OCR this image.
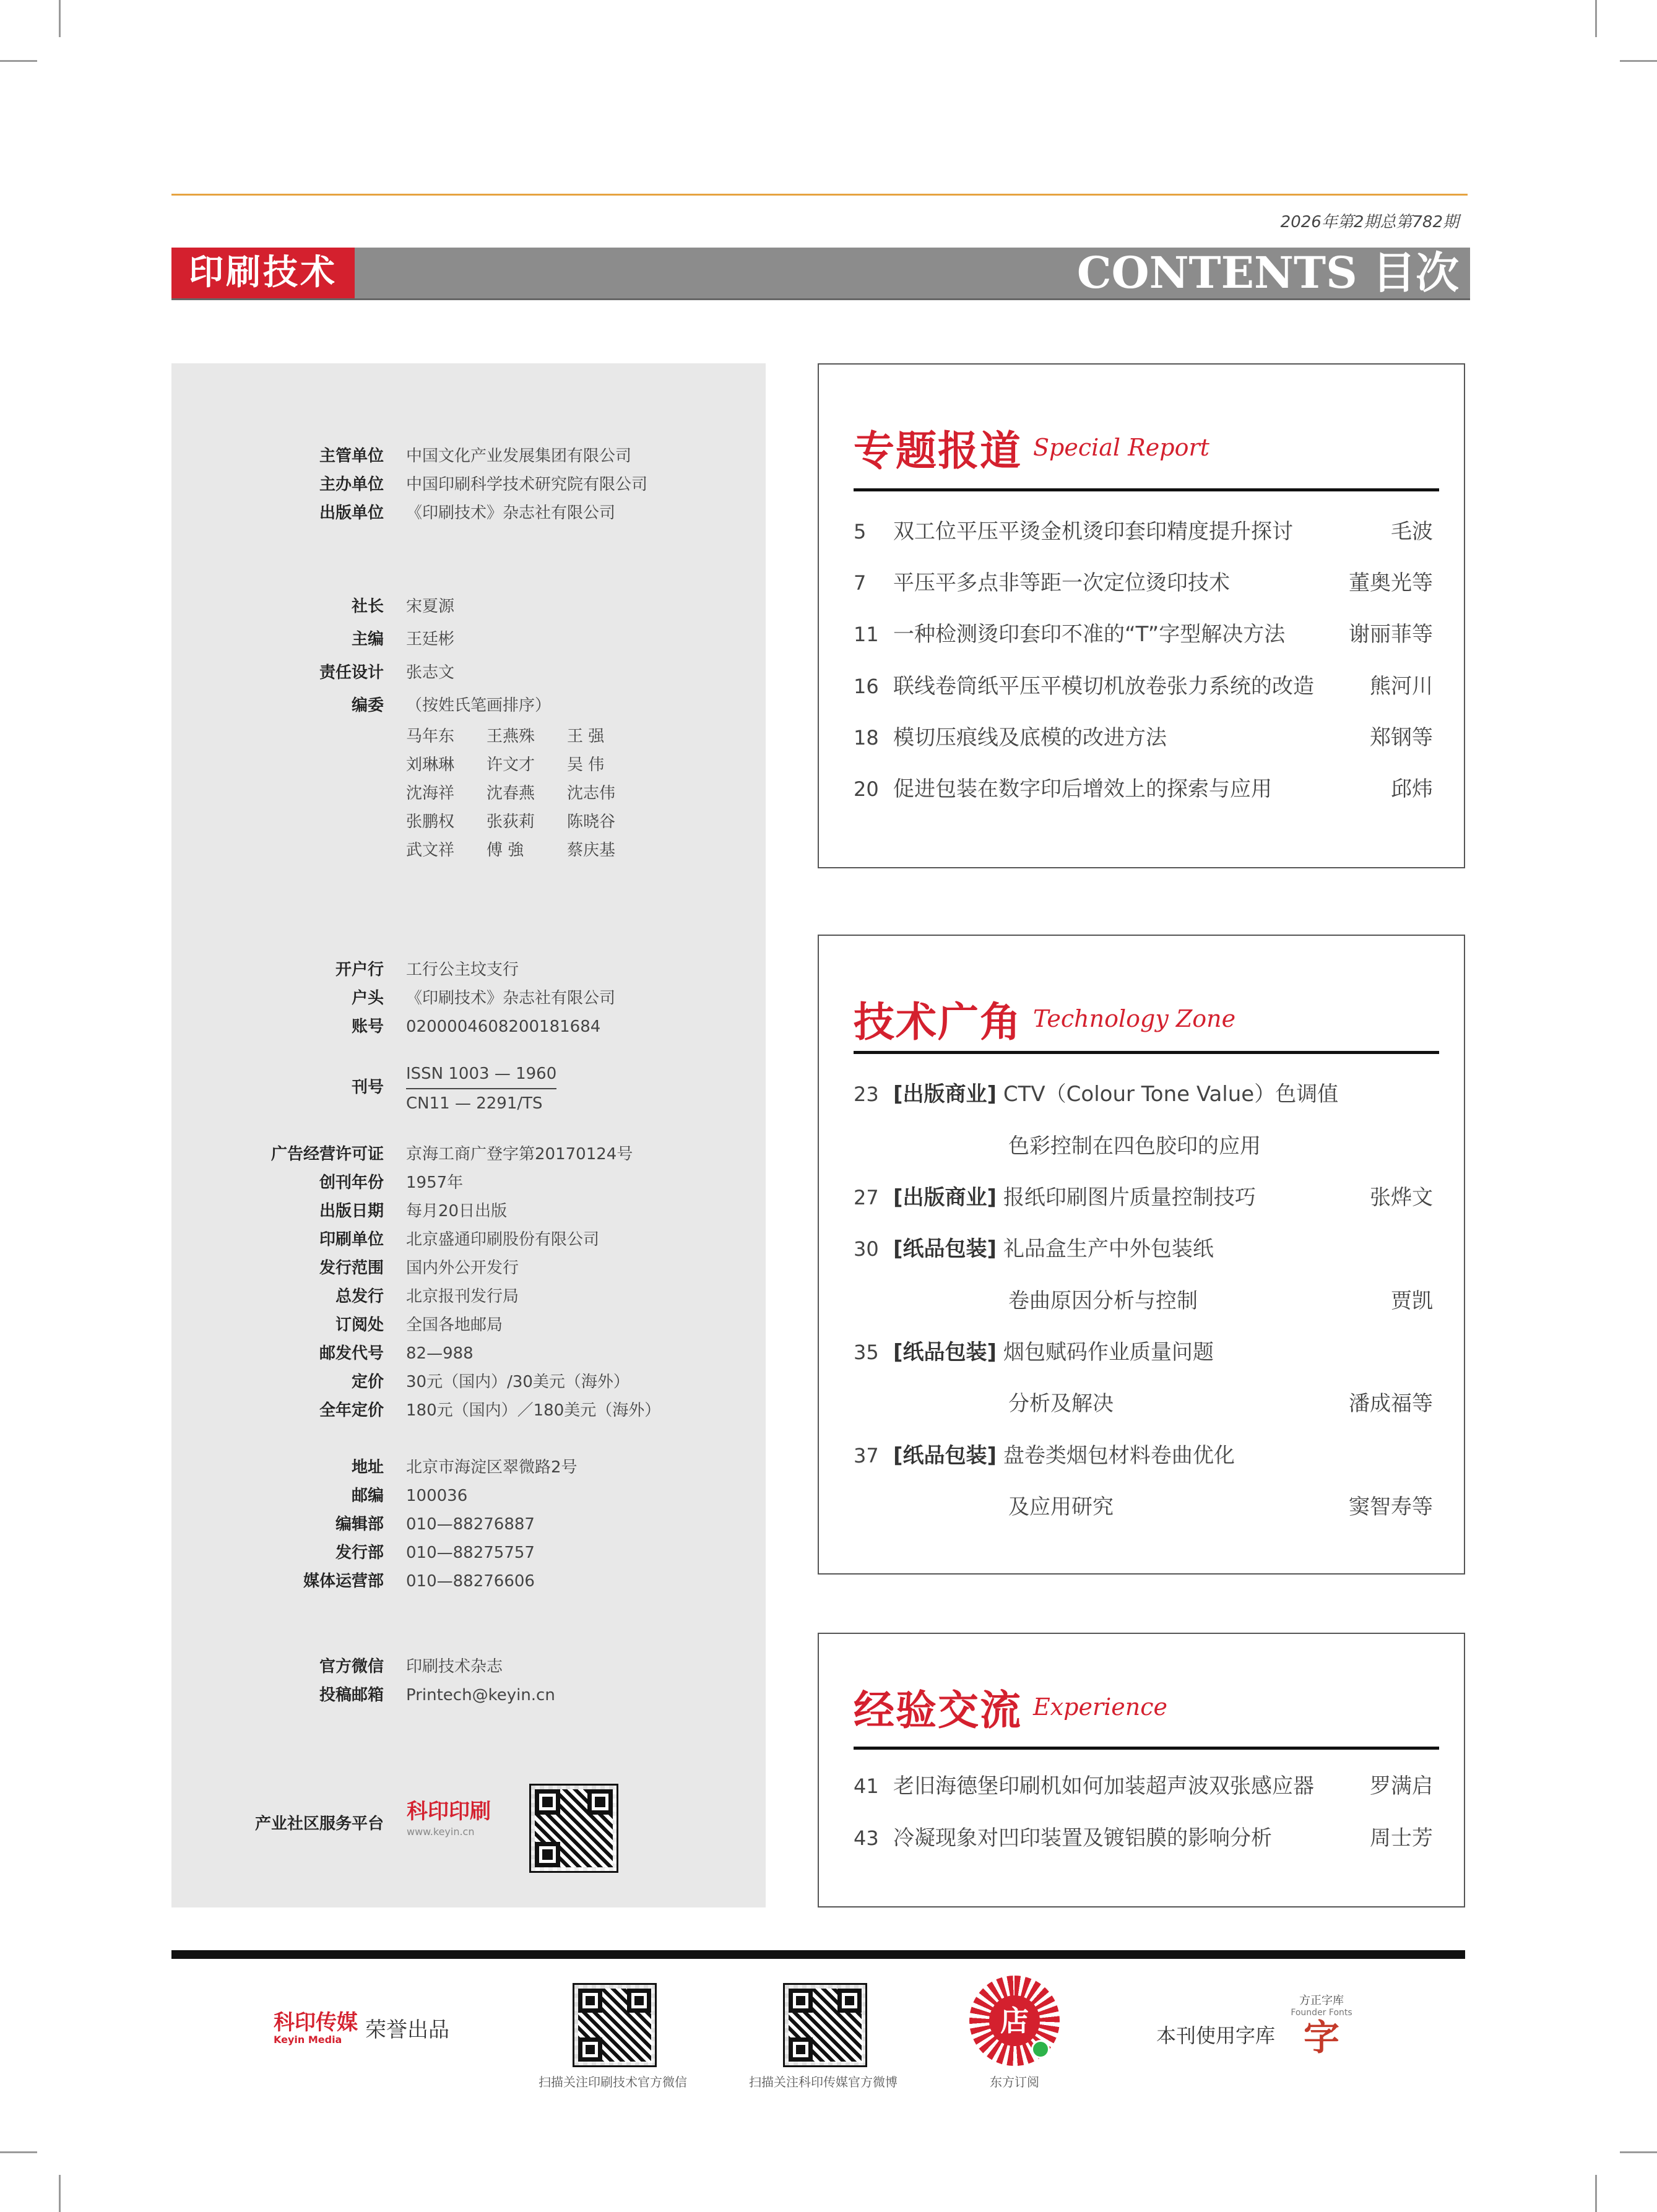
2026年第2期总第782期
印刷技术	CONTENTS 目次
主管单位 中国文化产业发展集团有限公司
主办单位 中国印刷科学技术研究院有限公司
出版单位 《印刷技术》杂志社有限公司
社长 宋夏源
主编 王廷彬
责任设计 张志文
编委 （按姓氏笔画排序）
马年东 王燕殊 王 强
刘琳琳 许文才 吴 伟
沈海祥 沈春燕 沈志伟
张鹏权 张荻莉 陈晓谷
武文祥 傅 強	蔡庆基
开户行 工行公主坟支行
户头 《印刷技术》杂志社有限公司
账号 0200004608200181684
刊号
ISSN 1003 — 1960
CN11 — 2291/TS
广告经营许可证 京海工商广登字第20170124号
创刊年份 1957年
出版日期 每月20日出版
印刷单位 北京盛通印刷股份有限公司
发行范围 国内外公开发行
总发行 北京报刊发行局
订阅处 全国各地邮局
邮发代号 82—988
定价 30元（国内）/30美元（海外）
全年定价 180元（国内）／180美元（海外）
地址 北京市海淀区翠微路2号
邮编 100036
编辑部 010—88276887
发行部 010—88275757
媒体运营部 010—88276606
官方微信 印刷技术杂志
投稿邮箱 Printech@keyin.cn
产业社区服务平台 科印印刷
www.keyin.cn
专题报道 Special Report
5 双工位平压平烫金机烫印套印精度提升探讨	毛波
7 平压平多点非等距一次定位烫印技术	董奥光等
11 一种检测烫印套印不准的“T”字型解决方法	谢丽菲等
16 联线卷筒纸平压平模切机放卷张力系统的改造	熊河川
18 模切压痕线及底模的改进方法	郑钢等
20 促进包装在数字印后增效上的探索与应用	邱炜
技术广角 Technology Zone
23 [出版商业] CTV（Colour Tone Value）色调值
色彩控制在四色胶印的应用
27 [出版商业] 报纸印刷图片质量控制技巧	张烨文
30 [纸品包装] 礼品盒生产中外包装纸
卷曲原因分析与控制	贾凯
35 [纸品包装] 烟包赋码作业质量问题
分析及解决	潘成福等
37 [纸品包装] 盘卷类烟包材料卷曲优化
及应用研究	窦智寿等
经验交流 Experience
41 老旧海德堡印刷机如何加装超声波双张感应器	罗满启
43 冷凝现象对凹印装置及镀铝膜的影响分析	周士芳
科印传媒
Keyin Media	荣誉出品
扫描关注印刷技术官方微信	扫描关注科印传媒官方微博
店
东方订阅
本刊使用字库
方正字库
Founder Fonts
字
